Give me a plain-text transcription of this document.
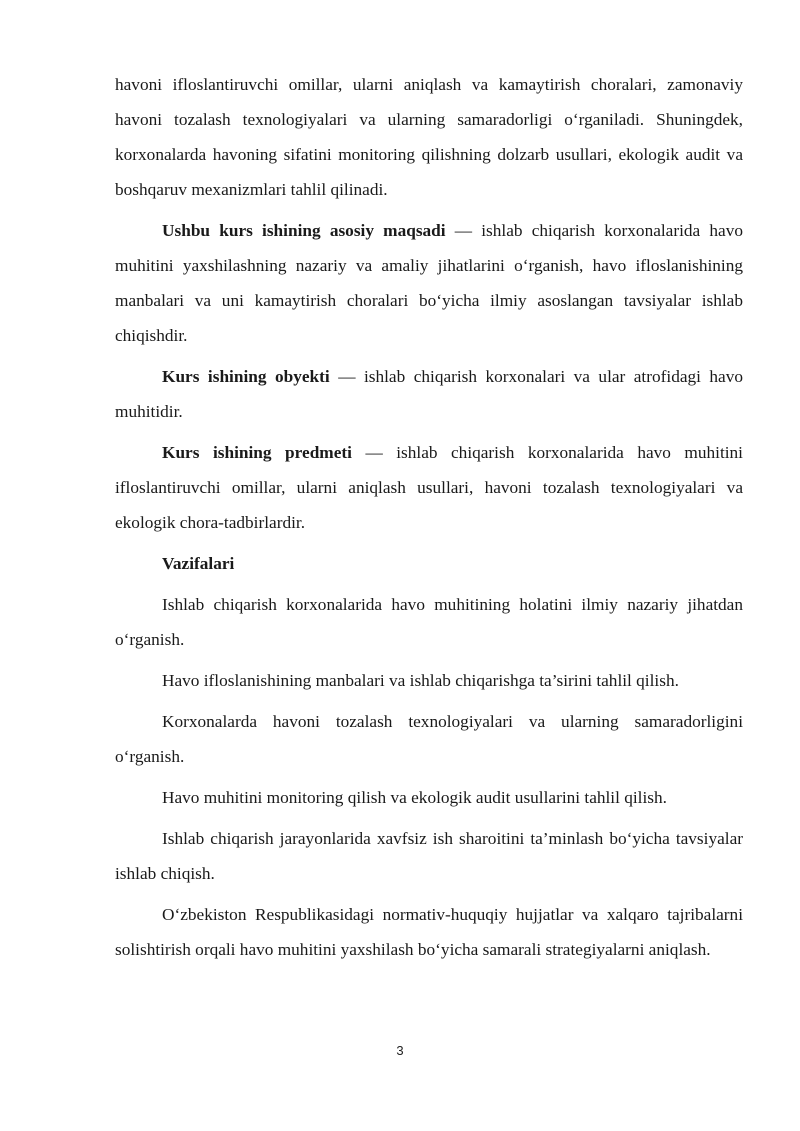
havoni ifloslantiruvchi omillar, ularni aniqlash va kamaytirish choralari, zamonaviy havoni tozalash texnologiyalari va ularning samaradorligi o‘rganiladi. Shuningdek, korxonalarda havoning sifatini monitoring qilishning dolzarb usullari, ekologik audit va boshqaruv mexanizmlari tahlil qilinadi.

Ushbu kurs ishining asosiy maqsadi — ishlab chiqarish korxonalarida havo muhitini yaxshilashning nazariy va amaliy jihatlarini o‘rganish, havo ifloslanishining manbalari va uni kamaytirish choralari bo‘yicha ilmiy asoslangan tavsiyalar ishlab chiqishdir.

Kurs ishining obyekti — ishlab chiqarish korxonalari va ular atrofidagi havo muhitidir.

Kurs ishining predmeti — ishlab chiqarish korxonalarida havo muhitini ifloslantiruvchi omillar, ularni aniqlash usullari, havoni tozalash texnologiyalari va ekologik chora-tadbirlardir.

Vazifalari

Ishlab chiqarish korxonalarida havo muhitining holatini ilmiy nazariy jihatdan o‘rganish.

Havo ifloslanishining manbalari va ishlab chiqarishga ta’sirini tahlil qilish.

Korxonalarda havoni tozalash texnologiyalari va ularning samaradorligini o‘rganish.

Havo muhitini monitoring qilish va ekologik audit usullarini tahlil qilish.

Ishlab chiqarish jarayonlarida xavfsiz ish sharoitini ta’minlash bo‘yicha tavsiyalar ishlab chiqish.

O‘zbekiston Respublikasidagi normativ-huquqiy hujjatlar va xalqaro tajribalarni solishtirish orqali havo muhitini yaxshilash bo‘yicha samarali strategiyalarni aniqlash.

3
